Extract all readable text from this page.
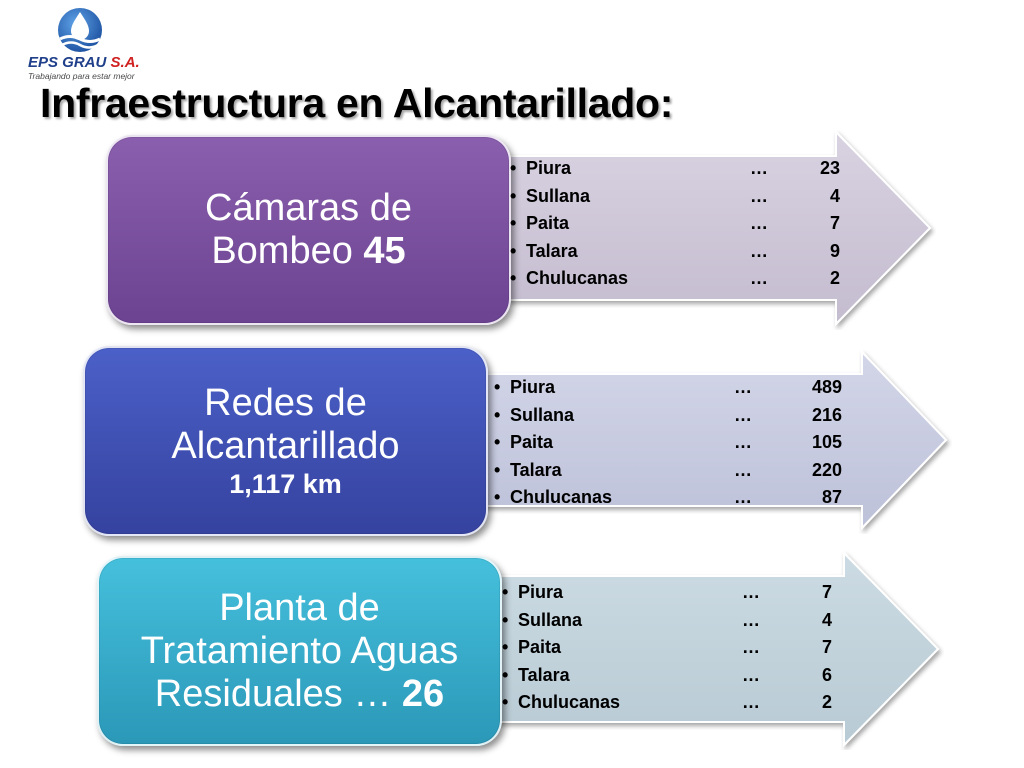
EPS GRAU S.A.
Trabajando para estar mejor
Infraestructura en Alcantarillado:
Cámaras de
Bombeo 45
• Piura	…	23
• Sullana	…	4
• Paita	…	7
• Talara	…	9
• Chulucanas	…	2
Redes de
Alcantarillado
1,117 km
• Piura	…	489
• Sullana	…	216
• Paita	…	105
• Talara	…	220
• Chulucanas	…	87
Planta de
Tratamiento Aguas
Residuales … 26
• Piura	…	7
• Sullana	…	4
• Paita	…	7
• Talara	…	6
• Chulucanas	…	2
